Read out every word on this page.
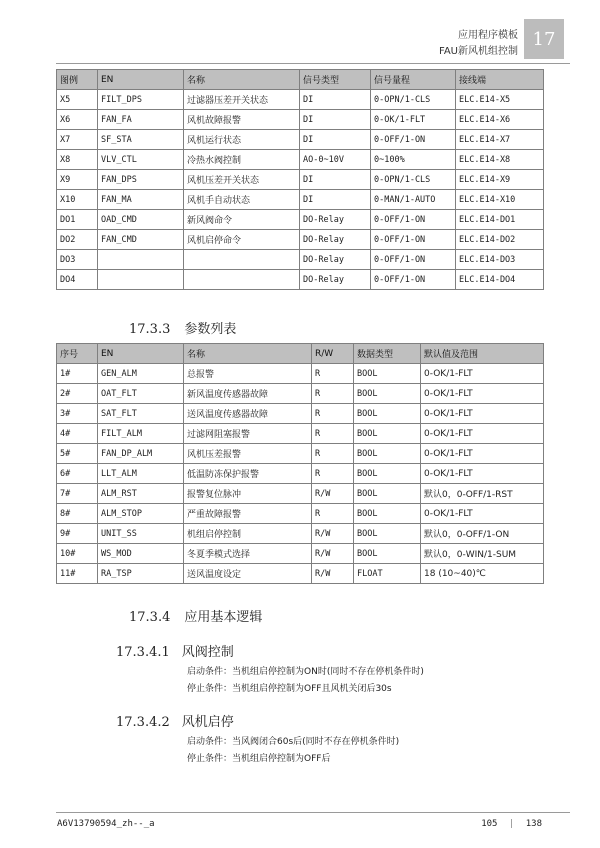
应用程序模板
FAU新风机组控制
17
图例	EN	名称	信号类型	信号量程	接线端
X5	FILT_DPS	过滤器压差开关状态	DI	0-OPN/1-CLS	ELC.E14-X5
X6	FAN_FA	风机故障报警	DI	0-OK/1-FLT	ELC.E14-X6
X7	SF_STA	风机运行状态	DI	0-OFF/1-ON	ELC.E14-X7
X8	VLV_CTL	冷热水阀控制	AO-0~10V	0~100%	ELC.E14-X8
X9	FAN_DPS	风机压差开关状态	DI	0-OPN/1-CLS	ELC.E14-X9
X10	FAN_MA	风机手自动状态	DI	0-MAN/1-AUTO	ELC.E14-X10
DO1	OAD_CMD	新风阀命令	DO-Relay	0-OFF/1-ON	ELC.E14-DO1
DO2	FAN_CMD	风机启停命令	DO-Relay	0-OFF/1-ON	ELC.E14-DO2
DO3			DO-Relay	0-OFF/1-ON	ELC.E14-DO3
DO4			DO-Relay	0-OFF/1-ON	ELC.E14-DO4
17.3.3 参数列表
序号	EN	名称	R/W	数据类型	默认值及范围
1#	GEN_ALM	总报警	R	BOOL	0-OK/1-FLT
2#	OAT_FLT	新风温度传感器故障	R	BOOL	0-OK/1-FLT
3#	SAT_FLT	送风温度传感器故障	R	BOOL	0-OK/1-FLT
4#	FILT_ALM	过滤网阻塞报警	R	BOOL	0-OK/1-FLT
5#	FAN_DP_ALM	风机压差报警	R	BOOL	0-OK/1-FLT
6#	LLT_ALM	低温防冻保护报警	R	BOOL	0-OK/1-FLT
7#	ALM_RST	报警复位脉冲	R/W	BOOL	默认0，0-OFF/1-RST
8#	ALM_STOP	严重故障报警	R	BOOL	0-OK/1-FLT
9#	UNIT_SS	机组启停控制	R/W	BOOL	默认0，0-OFF/1-ON
10#	WS_MOD	冬夏季模式选择	R/W	BOOL	默认0，0-WIN/1-SUM
11#	RA_TSP	送风温度设定	R/W	FLOAT	18 (10~40)℃
17.3.4 应用基本逻辑
17.3.4.1 风阀控制
启动条件：当机组启停控制为ON时(同时不存在停机条件时)
停止条件：当机组启停控制为OFF且风机关闭后30s
17.3.4.2 风机启停
启动条件：当风阀闭合60s后(同时不存在停机条件时)
停止条件：当机组启停控制为OFF后
A6V13790594_zh--_a	105 | 138
